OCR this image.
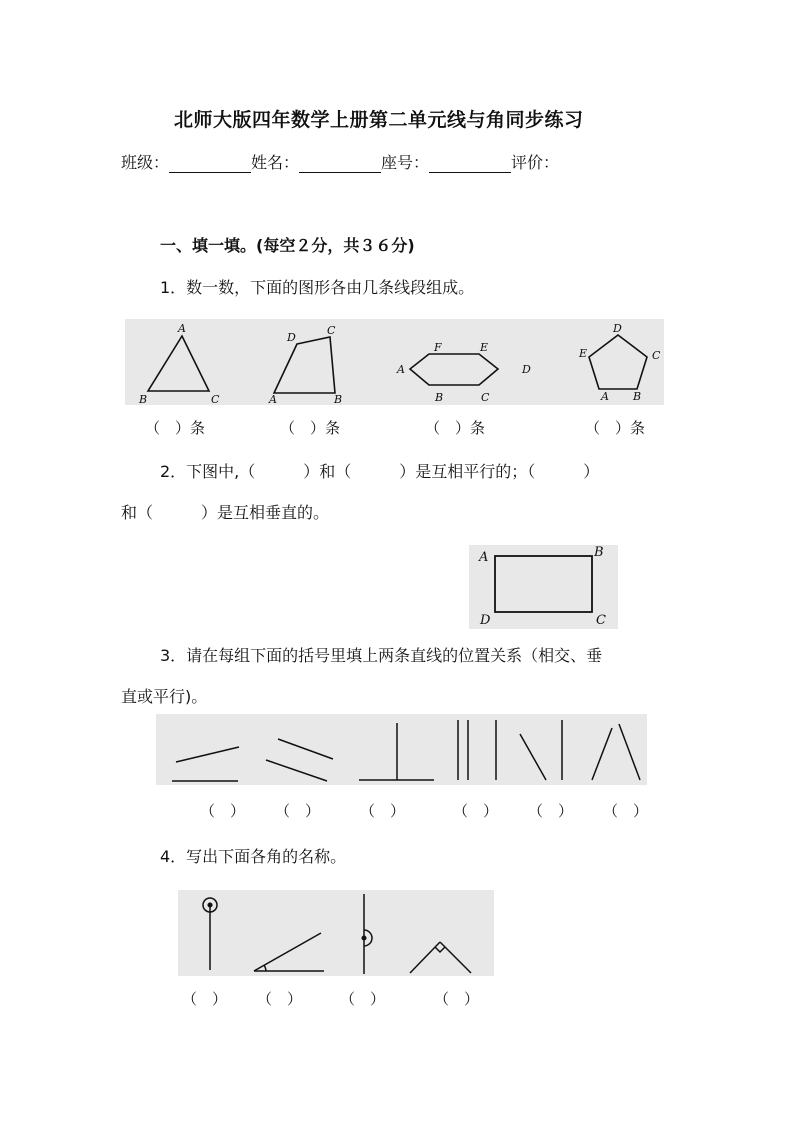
北师大版四年数学上册第二单元线与角同步练习
班级：	姓名：	座号：	评价：
一、填一填。(每空２分，共３６分)
1．数一数，下面的图形各由几条线段组成。
A
B	C
D
C
A	B
F	E
A	D
B	C
D
E	C
A B
（　）条	（　）条	（　）条	（　）条
2．下图中,（　　　）和（　　　）是互相平行的；（　　　）
和（　　　）是互相垂直的。
A	B
D	C
3．请在每组下面的括号里填上两条直线的位置关系（相交、垂
直或平行)。
（　） （　）	（　）	（　） （　） （　）
4．写出下面各角的名称。
（　） （　）	（　）	（　）
